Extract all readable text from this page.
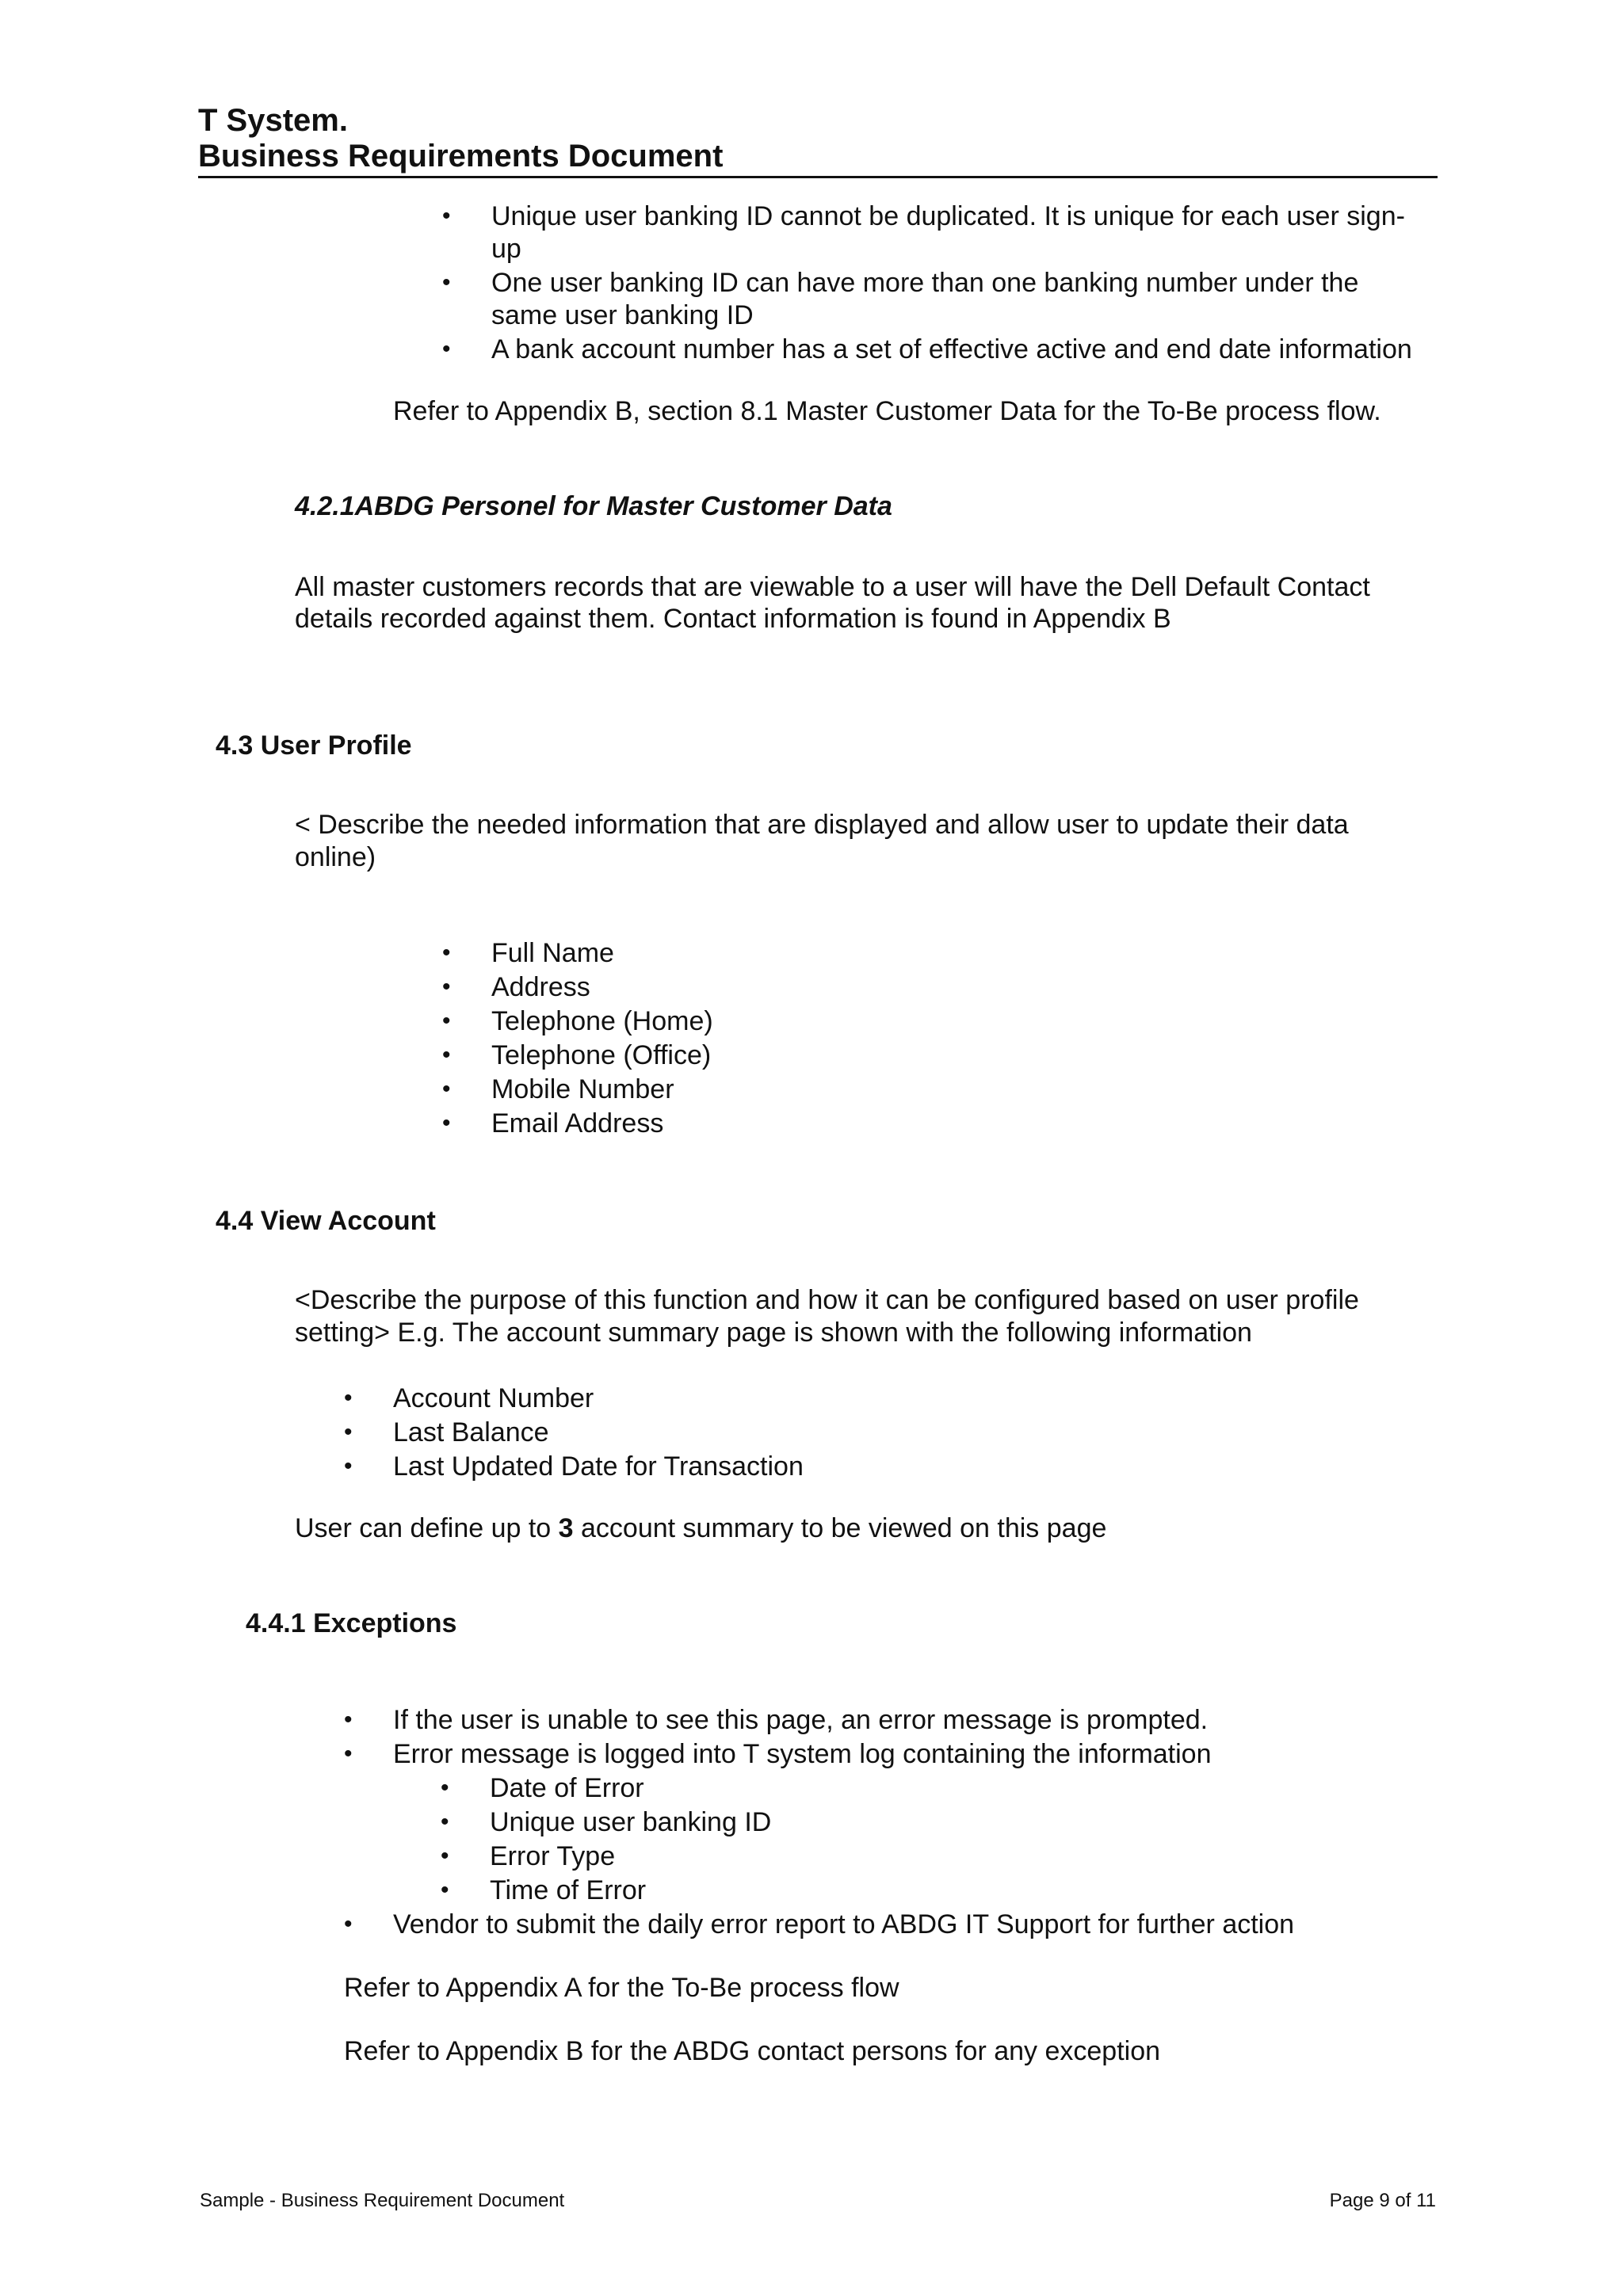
T System.
Business Requirements Document
• Unique user banking ID cannot be duplicated. It is unique for each user sign-
up
• One user banking ID can have more than one banking number under the
same user banking ID
• A bank account number has a set of effective active and end date information
Refer to Appendix B, section 8.1 Master Customer Data for the To-Be process flow.
4.2.1ABDG Personel for Master Customer Data
All master customers records that are viewable to a user will have the Dell Default Contact
details recorded against them. Contact information is found in Appendix B
4.3 User Profile
< Describe the needed information that are displayed and allow user to update their data
online)
• Full Name
• Address
• Telephone (Home)
• Telephone (Office)
• Mobile Number
• Email Address
4.4 View Account
<Describe the purpose of this function and how it can be configured based on user profile
setting> E.g. The account summary page is shown with the following information
• Account Number
• Last Balance
• Last Updated Date for Transaction
User can define up to 3 account summary to be viewed on this page
4.4.1 Exceptions
• If the user is unable to see this page, an error message is prompted.
• Error message is logged into T system log containing the information
• Date of Error
• Unique user banking ID
• Error Type
• Time of Error
• Vendor to submit the daily error report to ABDG IT Support for further action
Refer to Appendix A for the To-Be process flow
Refer to Appendix B for the ABDG contact persons for any exception
Sample - Business Requirement Document	Page 9 of 11
